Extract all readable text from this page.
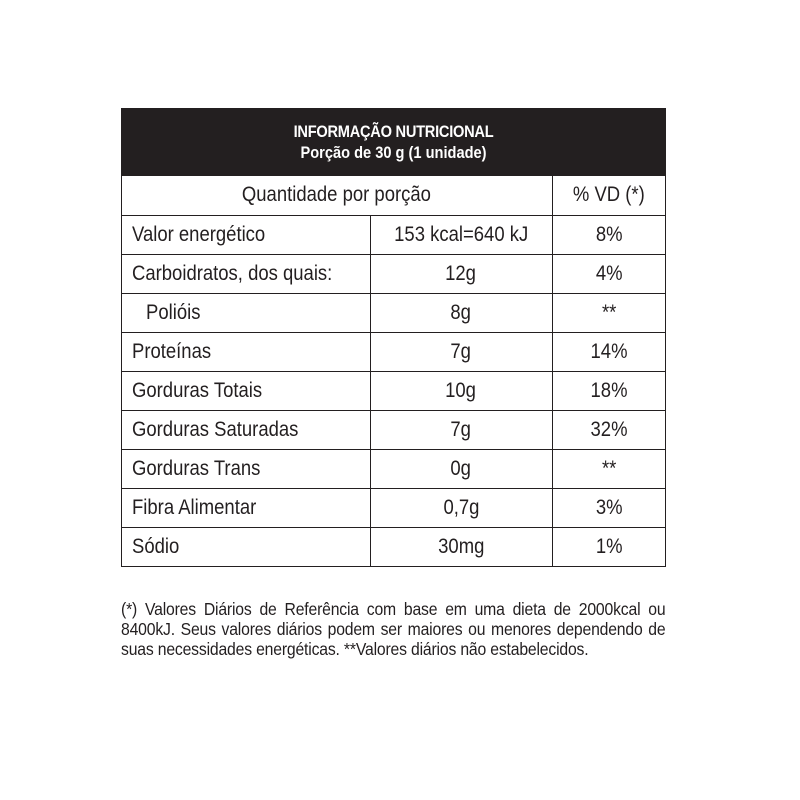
INFORMAÇÃO NUTRICIONAL
Porção de 30 g (1 unidade)
Quantidade por porção		% VD (*)
Valor energético	153 kcal=640 kJ	8%
Carboidratos, dos quais:	12g	4%
Polióis	8g	**
Proteínas	7g	14%
Gorduras Totais	10g	18%
Gorduras Saturadas	7g	32%
Gorduras Trans	0g	**
Fibra Alimentar	0,7g	3%
Sódio	30mg	1%
(*) Valores Diários de Referência com base em uma dieta de 2000kcal ou 8400kJ. Seus valores diários podem ser maiores ou menores dependendo de suas necessidades energéticas. **Valores diários não estabelecidos.
